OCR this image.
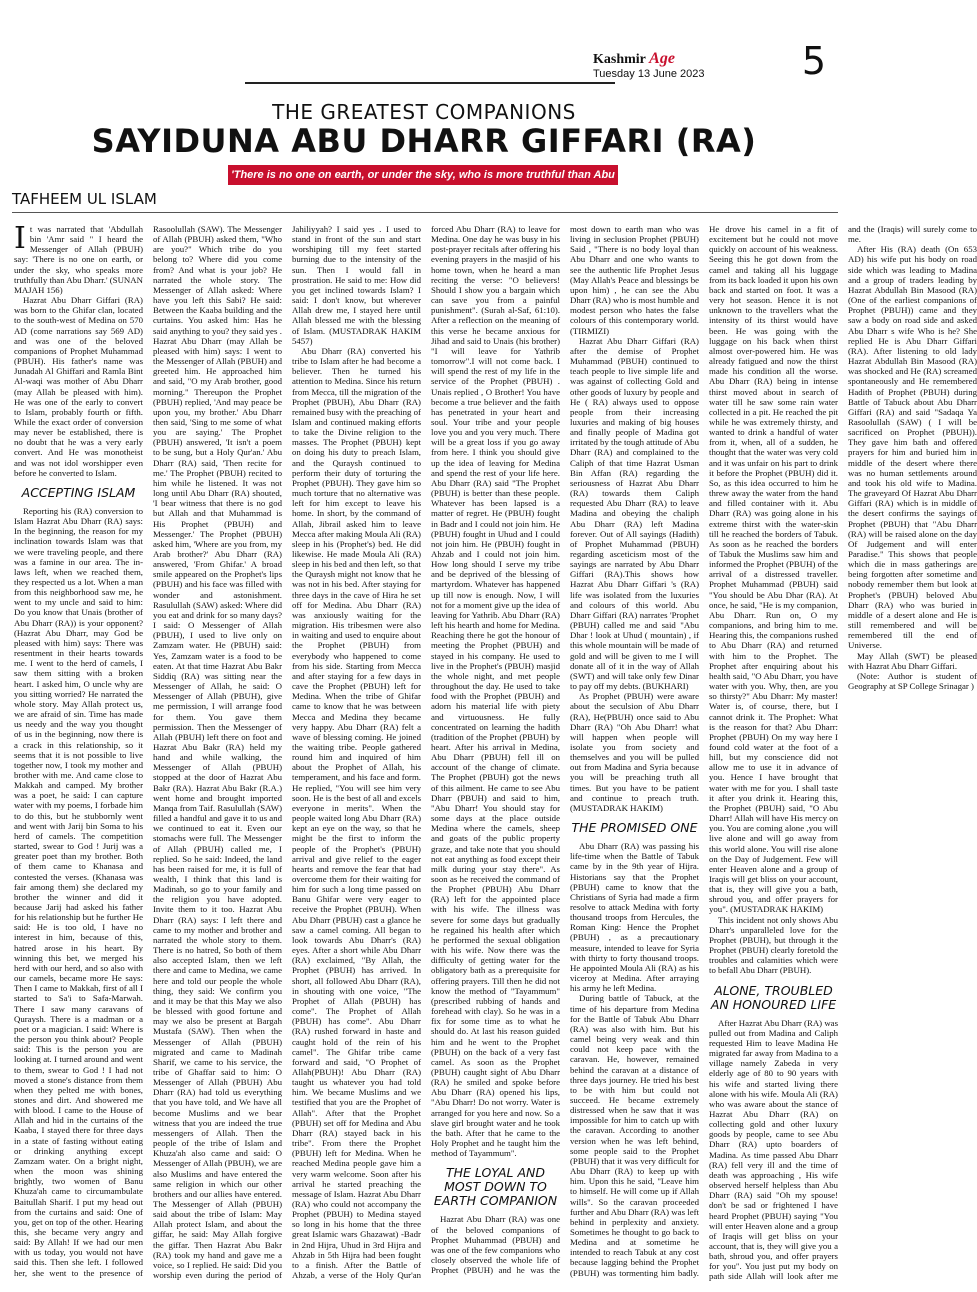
Kashmir Age
Tuesday 13 June 2023	5
THE GREATEST COMPANIONS
SAYIDUNA ABU DHARR GIFFARI (RA)
'There is no one on earth, or under the sky, who is more truthful than Abu Dharr Giffari (RA).'
TAFHEEM UL ISLAM

It was narrated that 'Abdullah bin 'Amr said " I heard the Messenger of Allah (PBUH) say: 'There is no one on earth, or under the sky, who speaks more truthfully than Abu Dharr.' (SUNAN MAJAH 156)

Hazrat Abu Dharr Giffari (RA) was born to the Ghifar clan, located to the south-west of Medina on 570 AD (come narrations say 569 AD) and was one of the beloved companions of Prophet Muhammad (PBUH). His father's name was Junadah Al Ghiffari and Ramla Bint Al-waqi was mother of Abu Dharr (may Allah be pleased with him). He was one of the early to convert to Islam, probably fourth or fifth. While the exact order of conversion may never be established, there is no doubt that he was a very early convert. And He was monotheist and was not idol worshipper even before he converted to Islam.

ACCEPTING ISLAM

Reporting his (RA) conversion to Islam Hazrat Abu Dharr (RA) says: In the beginning, the reason for my inclination towards Islam was that we were traveling people, and there was a famine in our area. The in-laws left, when we reached them, they respected us a lot. When a man from this neighborhood saw me, he went to my uncle and said to him: Do you know that Unais (brother of Abu Dharr (RA)) is your opponent? (Hazrat Abu Dharr, may God be pleased with him) says: There was resentment in their hearts towards me. I went to the herd of camels, I saw them sitting with a broken heart. I asked him, O uncle why are you sitting worried? He narrated the whole story. May Allah protect us, we are afraid of sin. Time has made us needy and the way you thought of us in the beginning, now there is a crack in this relationship, so it seems that it is not possible to live together now, I took my mother and brother with me. And came close to Makkah and camped. My brother was a poet, he said: I can capture water with my poems, I forbade him to do this, but he stubbornly went and went with Jarij bin Soma to his herd of camels. The competition started, swear to God ! Jurij was a greater poet than my brother. Both of them came to Khanasa and contested the verses. (Khanasa was fair among them) she declared my brother the winner and did it because Jarij had asked his father for his relationship but he further He said: He is too old, I have no interest in him, because of this, hatred arose in his heart. By winning this bet, we merged his herd with our herd, and so also with our camels, became more He says: Then I came to Makkah, first of all I started to Sa'i to Safa-Marwah. There I saw many caravans of Quraysh. There is a madman or a poet or a magician. I said: Where is the person you think about? People said: This is the person you are looking at. I turned around and went to them, swear to God ! I had not moved a stone's distance from them when they pelted me with bones, stones and dirt. And showered me with blood. I came to the House of Allah and hid in the curtains of the Kaaba, I stayed there for three days in a state of fasting without eating or drinking anything except Zamzam water. On a bright night, when the moon was shining brightly, two women of Banu Khuza'ah came to circumambulate Baitullah Sharif. I put my head out from the curtains and said: One of you, get on top of the other. Hearing this, she became very angry and said: By Allah! If we had our men with us today, you would not have said this. Then she left. I followed her, she went to the presence of Rasoolullah (SAW). The Messenger of Allah (PBUH) asked them, "Who are you?" Which tribe do you belong to? Where did you come from? And what is your job? He narrated the whole story. The Messenger of Allah asked: Where have you left this Sabi? He said: Between the Kaaba building and the curtains. You asked him: Has he said anything to you? they said yes . Hazrat Abu Dharr (may Allah be pleased with him) says: I went to the Messenger of Allah (PBUH) and greeted him. He approached him and said, "O my Arab brother, good morning." Thereupon the Prophet (PBUH) replied, 'And may peace be upon you, my brother.' Abu Dharr then said, 'Sing to me some of what you are saying.' The Prophet (PBUH) answered, 'It isn't a poem to be sung, but a Holy Qur'an.' Abu Dharr (RA) said, 'Then recite for me.' The Prophet (PBUH) recited to him while he listened. It was not long until Abu Dharr (RA) shouted, 'I bear witness that there is no god but Allah and that Muhammad is His Prophet (PBUH) and Messenger.' The Prophet (PBUH) asked him, 'Where are you from, my Arab brother?' Abu Dharr (RA) answered, 'From Ghifar.' A broad smile appeared on the Prophet's lips (PBUH) and his face was filled with wonder and astonishment. Rasulullah (SAW) asked: Where did you eat and drink for so many days? I said: O Messenger of Allah (PBUH), I used to live only on Zamzam water. He (PBUH) said: Yes, Zamzam water is a food to be eaten. At that time Hazrat Abu Bakr Siddiq (RA) was sitting near the Messenger of Allah, he said: O Messenger of Allah (PBUH), give me permission, I will arrange food for them. You gave them permission. Then the Messenger of Allah (PBUH) left there on foot and Hazrat Abu Bakr (RA) held my hand and while walking, the Messenger of Allah (PBUH) stopped at the door of Hazrat Abu Bakr (RA). Hazrat Abu Bakr (R.A.) went home and brought imported Manqa from Taif. Rasulullah (SAW) filled a handful and gave it to us and we continued to eat it. Even our stomachs were full. The Messenger of Allah (PBUH) called me, I replied. So he said: Indeed, the land has been raised for me, it is full of wealth, I think that this land is Madinah, so go to your family and the religion you have adopted. Invite them to it too. Hazrat Abu Dharr (RA) says: I left there and came to my mother and brother and narrated the whole story to them. There is no hatred, So both of them also accepted Islam, then we left there and came to Medina, we came here and told our people the whole thing, they said: We confirm you and it may be that this May we also be blessed with good fortune and may we also be present at Bargah Mustafa (SAW). Then when the Messenger of Allah (PBUH) migrated and came to Madinah Sharif, we came to his service, the tribe of Ghaffar said to him: O Messenger of Allah (PBUH) Abu Dharr (RA) had told us everything that you have told, and We have all become Muslims and we bear witness that you are indeed the true messengers of Allah. Then the people of the tribe of Islam and Khuza'ah also came and said: O Messenger of Allah (PBUH), we are also Muslims and have entered the same religion in which our other brothers and our allies have entered. The Messenger of Allah (PBUH) said about the tribe of Islam: May Allah protect Islam, and about the giffar, he said: May Allah forgive the giffar. Then Hazrat Abu Bakr (RA) took my hand and gave me a voice, so I replied. He said: Did you worship even during the period of Jahiliyyah? I said yes . I used to stand in front of the sun and start worshiping till my feet started burning due to the intensity of the sun. Then I would fall in prostration. He said to me: How did you get inclined towards Islam? I said: I don't know, but wherever Allah drew me, I stayed here until Allah blessed me with the blessing of Islam. (MUSTADRAK HAKIM 5457)

Abu Dharr (RA) converted his tribe to Islam after he had become a believer. Then he turned his attention to Medina. Since his return from Mecca, till the migration of the Prophet (PBUH), Abu Dharr (RA) remained busy with the preaching of Islam and continued making efforts to take the Divine religion to the masses. The Prophet (PBUH) kept on doing his duty to preach Islam, and the Quraysh continued to perform their duty of torturing the Prophet (PBUH). They gave him so much torture that no alternative was left for him except to leave his home. In short, by the command of Allah, Jibrail asked him to leave Mecca after making Moula Ali (RA) sleep in his (Prophet's) bed. He did likewise. He made Moula Ali (RA) sleep in his bed and then left, so that the Quraysh might not know that he was not in his bed. After staying for three days in the cave of Hira he set off for Medina. Abu Dharr (RA) was anxiously waiting for the migration. His tribesmen were also in waiting and used to enquire about the Prophet (PBUH) from everybody who happened to come from his side. Starting from Mecca and after staying for a few days in cave the Prophet (PBUH) left for Medina. When the tribe of Ghifar came to know that he was between Mecca and Medina they became very happy. Abu Dharr (RA) felt a wave of blessing coming. He joined the waiting tribe. People gathered round him and inquired of him about the Prophet of Allah, his temperament, and his face and form. He replied, "You will see him very soon. He is the best of all and excels everyone in merits". When the people waited long Abu Dharr (RA) kept an eye on the way, so that he might be the first to inform the people of the Prophet's (PBUH) arrival and give relief to the eager hearts and remove the fear that had overcome them for their waiting for him for such a long time passed on Banu Ghifar were very eager to receive the Prophet (PBUH). When Abu Dharr (PBUH) cast a glance he saw a camel coming. All began to look towards Abu Dharr's (RA) eyes. After a short while Abu Dharr (RA) exclaimed, "By Allah, the Prophet (PBUH) has arrived. In short, all followed Abu Dharr (RA), in shouting with one voice, "The Prophet of Allah (PBUH) has come". The Prophet of Allah (PBUH) has come". Abu Dharr (RA) rushed forward in haste and caught hold of the rein of his camel". The Ghifar tribe came forward and said, "O Prophet of Allah(PBUH)! Abu Dharr (RA) taught us whatever you had told him. We became Muslims and we testified that you are the Prophet of Allah". After that the Prophet (PBUH) set off for Medina and Abu Dharr (RA) stayed back in his tribe". From there the Prophet (PBUH) left for Medina. When he reached Medina people gave him a very warm welcome. Soon after his arrival he started preaching the message of Islam. Hazrat Abu Dharr (RA) who could not accompany the Prophet (PBUH) to Medina stayed so long in his home that the three great Islamic wars Ghazawat) -Badr in 2nd Hijra, Uhud in 3rd Hijra and Ahzab in 5th Hijra had been fought to a finish. After the Battle of Ahzab, a verse of the Holy Qur'an forced Abu Dharr (RA) to leave for Medina. One day he was busy in his post-prayer recitals after offering his evening prayers in the masjid of his home town, when he heard a man reciting the verse: "O believers! Should I show you a bargain which can save you from a painful punishment". (Surah al-Saf, 61:10). After a reflection on the meaning of this verse he became anxious for Jihad and said to Unais (his brother) "I will leave for Yathrib tomorrow".I will not come back. I will spend the rest of my life in the service of the Prophet (PBUH) . Unais replied , O Brother! You have become a true believer and the faith has penetrated in your heart and soul. Your tribe and your people love you and you very much. There will be a great loss if you go away from here. I think you should give up the idea of leaving for Medina and spend the rest of your life here. Abu Dharr (RA) said "The Prophet (PBUH) is better than these people. Whatever has been lapsed is a matter of regret. He (PBUH) fought in Badr and I could not join him. He (PBUH) fought in Uhud and I could not join him. He (PBUH) fought in Ahzab and I could not join him. How long should I serve my tribe and be deprived of the blessing of martyrdom. Whatever has happened up till now is enough. Now, I will not for a moment give up the idea of leaving for Yathrib. Abu Dharr (RA) left his hearth and home for Medina. Reaching there he got the honour of meeting the Prophet (PBUH) and stayed in his company. He used to live in the Prophet's (PBUH) masjid the whole night, and met people throughout the day. He used to take food with the Prophet (PBUH) and adorn his material life with piety and virtuousness. He fully concentrated on learning the hadith (tradition of the Prophet (PBUH) by heart. After his arrival in Medina, Abu Dharr (PBUH) fell ill on account of the change of climate. The Prophet (PBUH) got the news of this ailment. He came to see Abu Dharr (PBUH) and said to him, "Abu Dharr! You should stay for some days at the place outside Medina where the camels, sheep and goats of the public property graze, and take note that you should not eat anything as food except their milk during your stay there". As soon as he received the command of the Prophet (PBUH) Abu Dharr (RA) left for the appointed place with his wife. The illness was severe for some days but gradually he regained his health after which he performed the sexual obligation with his wife. Now there was the difficulty of getting water for the obligatory bath as a prerequisite for offering prayers. Till then he did not know the method of "Tayammum" (prescribed rubbing of hands and forehead with clay). So he was in a fix for some time as to what he should do. At last his reason guided him and he went to the Prophet (PBUH) on the back of a very fast camel. As soon as the Prophet (PBUH) caught sight of Abu Dharr (RA) he smiled and spoke before Abu Dharr (RA) opened his lips, "Abu Dharr! Do not worry. Water is arranged for you here and now. So a slave girl brought water and he took the bath. After that he came to the Holy Prophet and he taught him the method of Tayammum".

THE LOYAL AND MOST DOWN TO EARTH COMPANION

Hazrat Abu Dharr (RA) was one of the beloved companions of Prophet Muhammad (PBUH) and was one of the few companions who closely observed the whole life of Prophet (PBUH) and he was the most down to earth man who was living in seclusion Prophet (PBUH) Said , "There is no body loyal than Abu Dharr and one who wants to see the authentic life Prophet Jesus (May Allah's Peace and blessings be upon him) , he can see the Abu Dharr (RA) who is most humble and modest person who hates the false colours of this contemporary world. (TIRMIZI)

Hazrat Abu Dharr Giffari (RA) after the demise of Prophet Muhammad (PBUH) continued to teach people to live simple life and was against of collecting Gold and other goods of luxury by people and He ( RA) always used to oppose people from their increasing luxuries and making of big houses and finally people of Madina got irritated by the tough attitude of Abu Dharr (RA) and complained to the Caliph of that time Hazrat Usman Bin Affan (RA) regarding the seriousness of Hazrat Abu Dharr (RA) towards them Caliph requested Abu Dharr (RA) to leave Madina and obeying the chaliph Abu Dharr (RA) left Madina forever. Out of All sayings (Hadith) of Prophet Muhammad (PBUH) regarding asceticism most of the sayings are narrated by Abu Dharr Giffari (RA).This shows how Hazrat Abu Dharr Giffari 's (RA) life was isolated from the luxuries and colours of this world. Abu Dharr Giffari (RA) narrates 'Prophet (PBUH) called me and said "Abu Dhar ! look at Uhud ( mountain) , if this whole mountain will be made of gold and will be given to me I will donate all of it in the way of Allah (SWT) and will take only few Dinar to pay off my debts. (BUKHARI)

As Prophet (PBUH) were aware about the seculsion of Abu Dharr (RA), He(PBUH) once said to Abu Dharr (RA) "Oh Abu Dharr! what will happen when people will isolate you from society and themselves and you will be pulled out from Madina and Syria because you will be preaching truth all times. But you have to be patient and continue to preach truth. (MUSTADRAK HAKIM)

THE PROMISED ONE

Abu Dharr (RA) was passing his life-time when the Battle of Tabuk came by in the 9th year of Hijra. Historians say that the Prophet (PBUH) came to know that the Christians of Syria had made a firm resolve to attack Medina with forty thousand troops from Hercules, the Roman King: Hence the Prophet (PBUH) , as a precautionary measure, intended to leave for Syria with thirty to forty thousand troops. He appointed Moula Ali (RA) as his viceroy at Medina. After arraying his army he left Medina.

During battle of Tabuck, at the time of his departure from Medina for the Battle of Tabuk Abu Dharr (RA) was also with him. But his camel being very weak and thin could not keep pace with the caravan. He, however, remained behind the caravan at a distance of three days journey. He tried his best to be with him but could not succeed. He became extremely distressed when he saw that it was impossible for him to catch up with the caravan. According to another version when he was left behind, some people said to the Prophet (PBUH) that it was very difficult for Abu Dharr (RA) to keep up with him. Upon this he said, "Leave him to himself. He will come up if Allah wills". So the caravan proceeded further and Abu Dharr (RA) was left behind in perplexity and anxiety. Sometimes he thought to go back to Medina and at sometime he intended to reach Tabuk at any cost because lagging behind the Prophet (PBUH) was tormenting him badly. He drove his camel in a fit of excitement but he could not move quickly on account of his weakness. Seeing this he got down from the camel and taking all his luggage from its back loaded it upon his own back and started on foot. It was a very hot season. Hence it is not unknown to the travellers what the intensity of its thirst would have been. He was going with the luggage on his back when thirst almost over-powered him. He was already fatigued and now the thirst made his condition all the worse. Abu Dharr (RA) being in intense thirst moved about in search of water till he saw some rain water collected in a pit. He reached the pit while he was extremely thirsty, and wanted to drink a handful of water from it, when, all of a sudden, he thought that the water was very cold and it was unfair on his part to drink it before the Prophet (PBUH) did it. So, as this idea occurred to him he threw away the water from the hand and filled container with it. Abu Dharr (RA) was going alone in his extreme thirst with the water-skin till he reached the borders of Tabuk. As soon as he reached the borders of Tabuk the Muslims saw him and informed the Prophet (PBUH) of the arrival of a distressed traveller. Prophet Muhammad (PBUH) said "You should be Abu Dhar (RA). At once, he said, "He is my companion, Abu Dharr. Run on, O my companions, and bring him to me. Hearing this, the companions rushed to Abu Dharr (RA) and returned with him to the Prophet. The Prophet after enquiring about his health said, "O Abu Dharr, you have water with you. Why, then, are you so thirsty?" Abu Dharr: My master! Water is, of course, there, but I cannot drink it. The Prophet: What is the reason for that? Abu Dharr: Prophet (PBUH) On my way here I found cold water at the foot of a hill, but my conscience did not allow me to use it in advance of you. Hence I have brought that water with me for you. I shall taste it after you drink it. Hearing this, the Prophet (PBUH) said, "O Abu Dharr! Allah will have His mercy on you. You are coming alone ,you will live alone and will go away from this world alone. You will rise alone on the Day of Judgement. Few will enter Heaven alone and a group of Iraqis will get bliss on your account, that is, they will give you a bath, shroud you, and offer prayers for you". (MUSTADRAK HAKIM)

This incident not only shows Abu Dharr's unparalleled love for the Prophet (PBUH), but through it the Prophet (PBUH) clearly foretold the troubles and calamities which were to befall Abu Dharr (PBUH).

ALONE, TROUBLED AN HONOURED LIFE

After Hazrat Abu Dharr (RA) was pulled out from Madina and Caliph requested Him to leave Madina He migrated far away from Madina to a village namely Zabeda in very elderly age of 80 to 90 years with his wife and started living there alone with his wife. Moula Ali (RA) who was aware about the stance of Hazrat Abu Dharr (RA) on collecting gold and other luxury goods by people, came to see Abu Dharr (RA) upto boarders of Madina. As time passed Abu Dharr (RA) fell very ill and the time of death was approaching , His wife observed herself helpless than Abu Dharr (RA) said "Oh my spouse! don't be sad or frightened I have heard Prophet (PBUH) saying "You will enter Heaven alone and a group of Iraqis will get bliss on your account, that is, they will give you a bath, shroud you, and offer prayers for you". You just put my body on path side Allah will look after me and the (Iraqis) will surely come to me.

After His (RA) death (On 653 AD) his wife put his body on road side which was leading to Madina and a group of traders leading by Hazrat Abdullah Bin Masood (RA) (One of the earliest companions of Prophet (PBUH)) came and they saw a body on road side and asked Abu Dharr s wife Who is he? She replied He is Abu Dharr Giffari (RA). After listening to old lady Hazrat Abdullah Bin Masood (RA) was shocked and He (RA) screamed spontaneously and He remembered Hadith of Prophet (PBUH) during Battle of Tabuck about Abu Dharr Giffari (RA) and said "Sadaqa Ya Rasoolullah (SAW) ( I will be sacrificed on Prophet (PBUH)). They gave him bath and offered prayers for him and buried him in middle of the desert where there was no human settlements around and took his old wife to Madina. The graveyard Of Hazrat Abu Dharr Giffari (RA) which is in middle of the desert confirms the sayings of Prophet (PBUH) that "Abu Dharr (RA) will be raised alone on the day Of Judgement and will enter Paradise." This shows that people which die in mass gatherings are being forgotten after sometime and nobody remember them but look at Prophet's (PBUH) beloved Abu Dharr (RA) who was buried in middle of a desert alone and He is still remembered and will be remembered till the end of Universe.

May Allah (SWT) be pleased with Hazrat Abu Dharr Giffari.

(Note: Author is student of Geography at SP College Srinagar )
